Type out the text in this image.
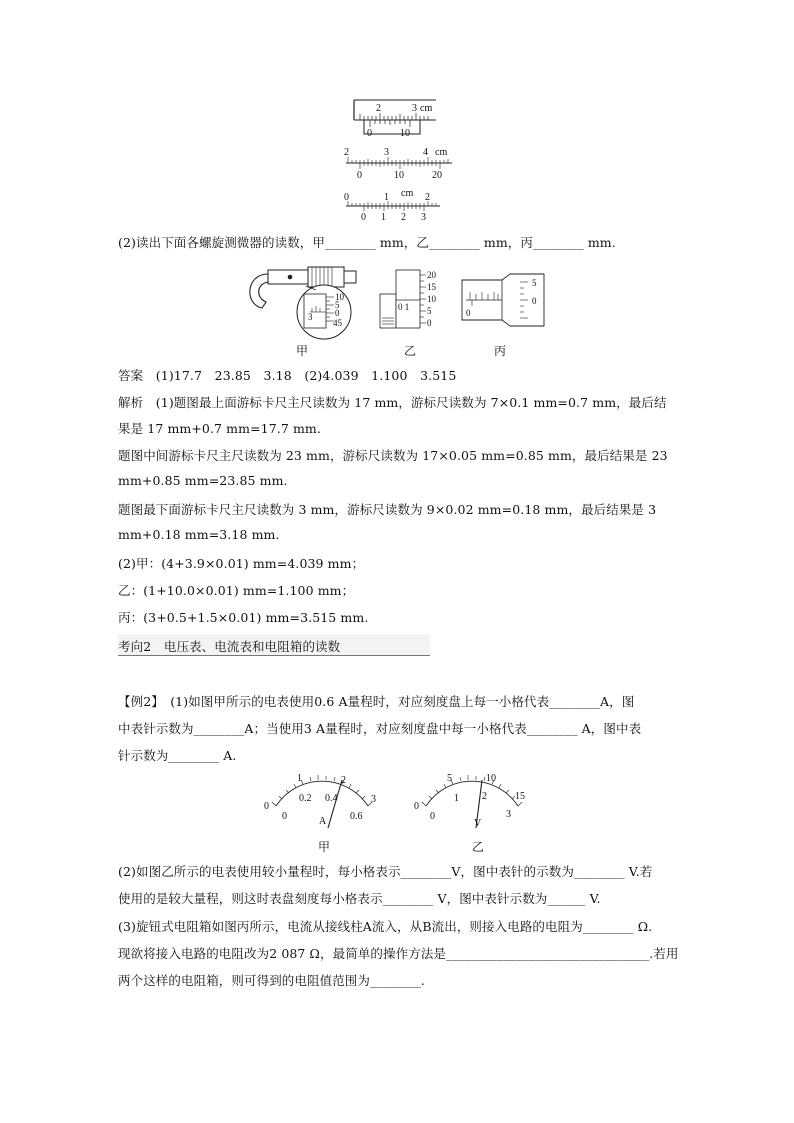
2	3 cm
0	10
2	3	4 cm
0	10	20
cm
0	1	2
0 1 2 3
(2)读出下面各螺旋测微器的读数，甲________ mm，乙________ mm，丙________ mm.
10
5
0
45
3
甲
20
15
10
5
0
0 1
乙
5
0
0
丙
答案　(1)17.7　23.85　3.18　(2)4.039　1.100　3.515
解析　(1)题图最上面游标卡尺主尺读数为 17 mm，游标尺读数为 7×0.1 mm=0.7 mm，最后结
果是 17 mm+0.7 mm=17.7 mm.
题图中间游标卡尺主尺读数为 23 mm，游标尺读数为 17×0.05 mm=0.85 mm，最后结果是 23
mm+0.85 mm=23.85 mm.
题图最下面游标卡尺主尺读数为 3 mm，游标尺读数为 9×0.02 mm=0.18 mm，最后结果是 3
mm+0.18 mm=3.18 mm.
(2)甲：(4+3.9×0.01) mm=4.039 mm；
乙：(1+10.0×0.01) mm=1.100 mm；
丙：(3+0.5+1.5×0.01) mm=3.515 mm.
考向2　电压表、电流表和电阻箱的读数
【例2】　(1)如图甲所示的电表使用0.6 A量程时，对应刻度盘上每一小格代表________A，图
中表针示数为________A；当使用3 A量程时，对应刻度盘中每一小格代表________ A，图中表
针示数为________ A.
0
1	2
3
0
0.2 0.4
0.6
A
甲
0
5	10
15
0
1 2
3
V
乙
(2)如图乙所示的电表使用较小量程时，每小格表示________V，图中表针的示数为________ V.若
使用的是较大量程，则这时表盘刻度每小格表示________ V，图中表针示数为______ V.
(3)旋钮式电阻箱如图丙所示，电流从接线柱A流入，从B流出，则接入电路的电阻为________ Ω.
现欲将接入电路的电阻改为2 087 Ω，最简单的操作方法是________________________________.若用
两个这样的电阻箱，则可得到的电阻值范围为________.
